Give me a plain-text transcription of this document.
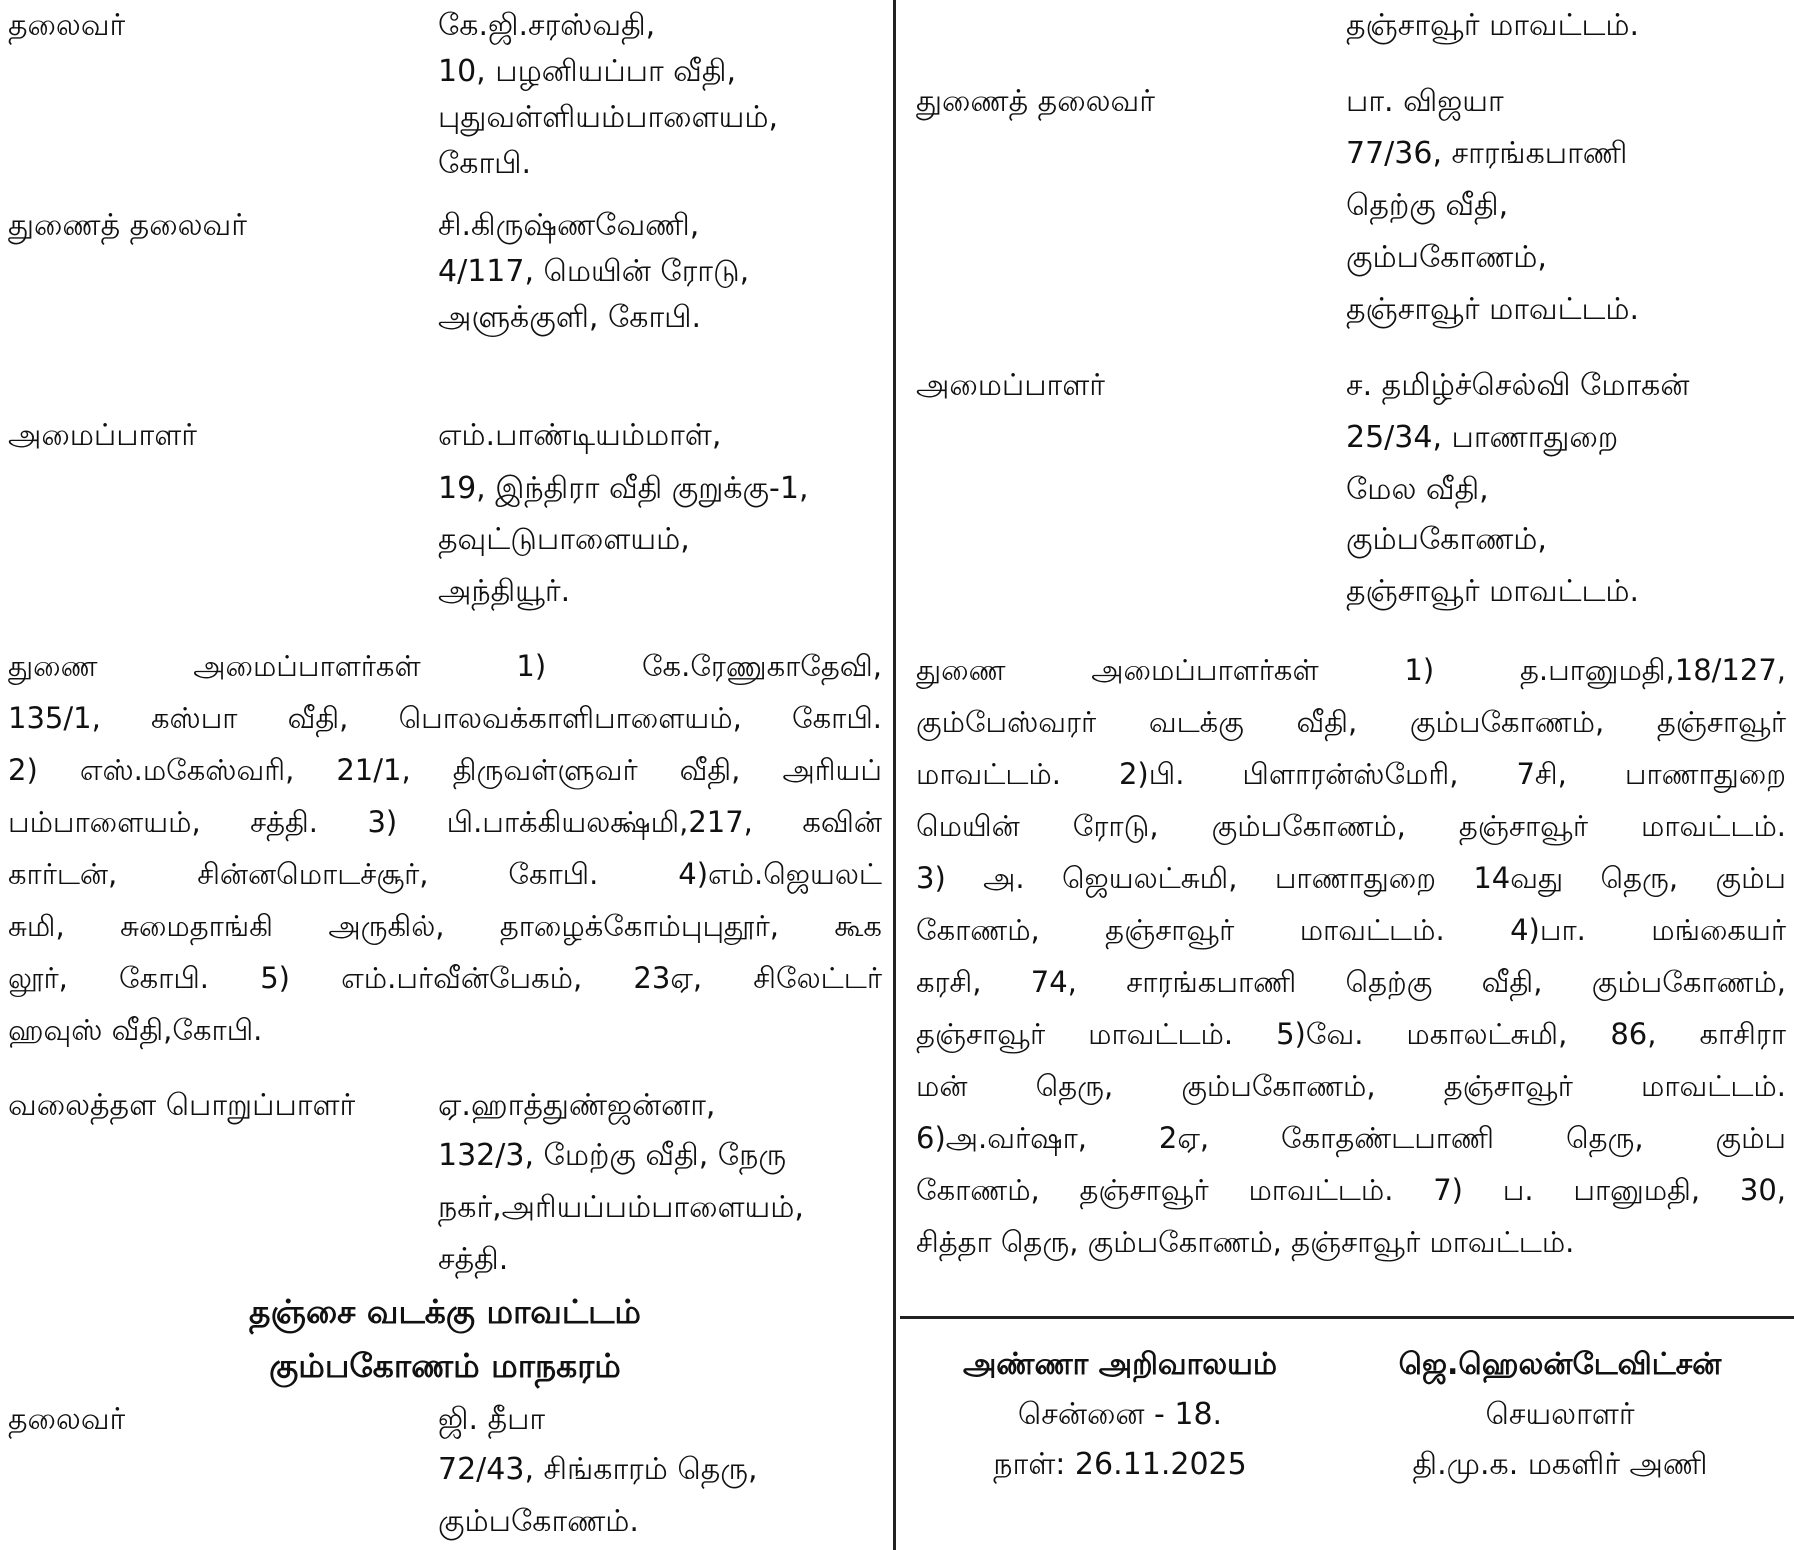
தலைவர்	கே.ஜி.சரஸ்வதி,
10, பழனியப்பா வீதி,
புதுவள்ளியம்பாளையம்,
கோபி.
துணைத் தலைவர்	சி.கிருஷ்ணவேணி,
4/117, மெயின் ரோடு,
அளுக்குளி, கோபி.
அமைப்பாளர்	எம்.பாண்டியம்மாள்,
19, இந்திரா வீதி குறுக்கு-1,
தவுட்டுபாளையம்,
அந்தியூர்.
துணை அமைப்பாளர்கள் 1) கே.ரேணுகாதேவி,
135/1, கஸ்பா வீதி, பொலவக்காளிபாளையம், கோபி.
2) எஸ்.மகேஸ்வரி, 21/1, திருவள்ளுவர் வீதி, அரியப்
பம்பாளையம், சத்தி. 3) பி.பாக்கியலக்ஷ்மி,217, கவின்
கார்டன், சின்னமொடச்சூர், கோபி. 4)எம்.ஜெயலட்
சுமி, சுமைதாங்கி அருகில், தாழைக்கோம்புபுதூர், கூக
லூர், கோபி. 5) எம்.பர்வீன்பேகம், 23ஏ, சிலேட்டர்
ஹவுஸ் வீதி,கோபி.
வலைத்தள பொறுப்பாளர்	ஏ.ஹாத்துண்ஜன்னா,
132/3, மேற்கு வீதி, நேரு
நகர்,அரியப்பம்பாளையம்,
சத்தி.
தஞ்சை வடக்கு மாவட்டம்
கும்பகோணம் மாநகரம்
தலைவர்	ஜி. தீபா
72/43, சிங்காரம் தெரு,
கும்பகோணம்.
தஞ்சாவூர் மாவட்டம்.
துணைத் தலைவர்	பா. விஜயா
77/36, சாரங்கபாணி
தெற்கு வீதி,
கும்பகோணம்,
தஞ்சாவூர் மாவட்டம்.
அமைப்பாளர்	ச. தமிழ்ச்செல்வி மோகன்
25/34, பாணாதுறை
மேல வீதி,
கும்பகோணம்,
தஞ்சாவூர் மாவட்டம்.
துணை அமைப்பாளர்கள் 1) த.பானுமதி,18/127,
கும்பேஸ்வரர் வடக்கு வீதி, கும்பகோணம், தஞ்சாவூர்
மாவட்டம். 2)பி. பிளாரன்ஸ்மேரி, 7சி, பாணாதுறை
மெயின் ரோடு, கும்பகோணம், தஞ்சாவூர் மாவட்டம்.
3) அ. ஜெயலட்சுமி, பாணாதுறை 14வது தெரு, கும்ப
கோணம், தஞ்சாவூர் மாவட்டம். 4)பா. மங்கையர்
கரசி, 74, சாரங்கபாணி தெற்கு வீதி, கும்பகோணம்,
தஞ்சாவூர் மாவட்டம். 5)வே. மகாலட்சுமி, 86, காசிரா
மன் தெரு, கும்பகோணம், தஞ்சாவூர் மாவட்டம்.
6)அ.வர்ஷா, 2ஏ, கோதண்டபாணி தெரு, கும்ப
கோணம், தஞ்சாவூர் மாவட்டம். 7) ப. பானுமதி, 30,
சித்தா தெரு, கும்பகோணம், தஞ்சாவூர் மாவட்டம்.
அண்ணா அறிவாலயம்
சென்னை - 18.
நாள்: 26.11.2025
ஜெ.ஹெலன்டேவிட்சன்
செயலாளர்
தி.மு.க. மகளிர் அணி
